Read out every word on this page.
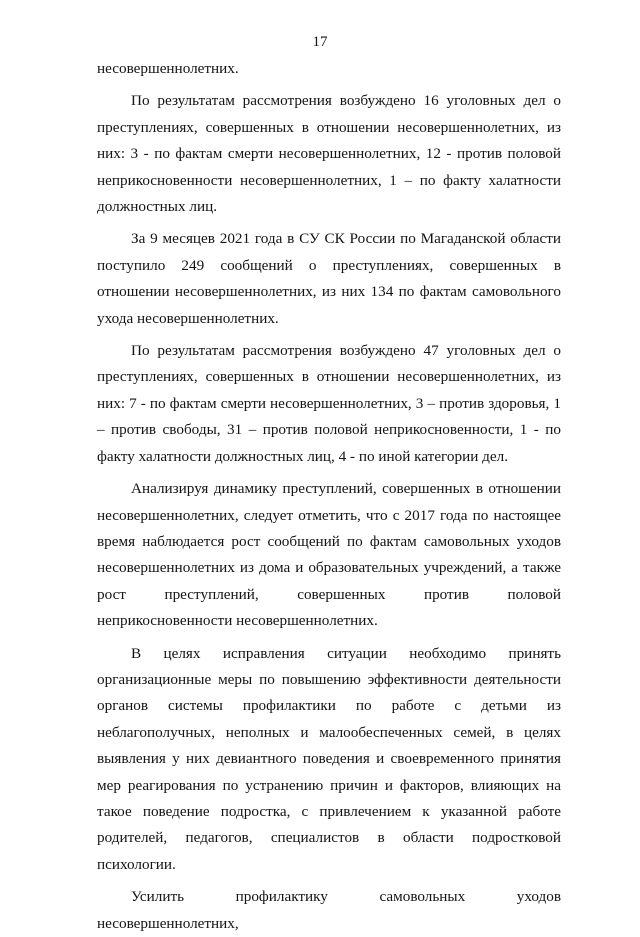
17

несовершеннолетних.

По результатам рассмотрения возбуждено 16 уголовных дел о преступлениях, совершенных в отношении несовершеннолетних, из них: 3 - по фактам смерти несовершеннолетних, 12 - против половой неприкосновенности несовершеннолетних, 1 – по факту халатности должностных лиц.

За 9 месяцев 2021 года в СУ СК России по Магаданской области поступило 249 сообщений о преступлениях, совершенных в отношении несовершеннолетних, из них 134 по фактам самовольного ухода несовершеннолетних.

По результатам рассмотрения возбуждено 47 уголовных дел о преступлениях, совершенных в отношении несовершеннолетних, из них: 7 - по фактам смерти несовершеннолетних, 3 – против здоровья, 1 – против свободы, 31 – против половой неприкосновенности, 1 - по факту халатности должностных лиц, 4 - по иной категории дел.

Анализируя динамику преступлений, совершенных в отношении несовершеннолетних, следует отметить, что с 2017 года по настоящее время наблюдается рост сообщений по фактам самовольных уходов несовершеннолетних из дома и образовательных учреждений, а также рост преступлений, совершенных против половой неприкосновенности несовершеннолетних.

В целях исправления ситуации необходимо принять организационные меры по повышению эффективности деятельности органов системы профилактики по работе с детьми из неблагополучных, неполных и малообеспеченных семей, в целях выявления у них девиантного поведения и своевременного принятия мер реагирования по устранению причин и факторов, влияющих на такое поведение подростка, с привлечением к указанной работе родителей, педагогов, специалистов в области подростковой психологии.

Усилить профилактику самовольных уходов несовершеннолетних,
